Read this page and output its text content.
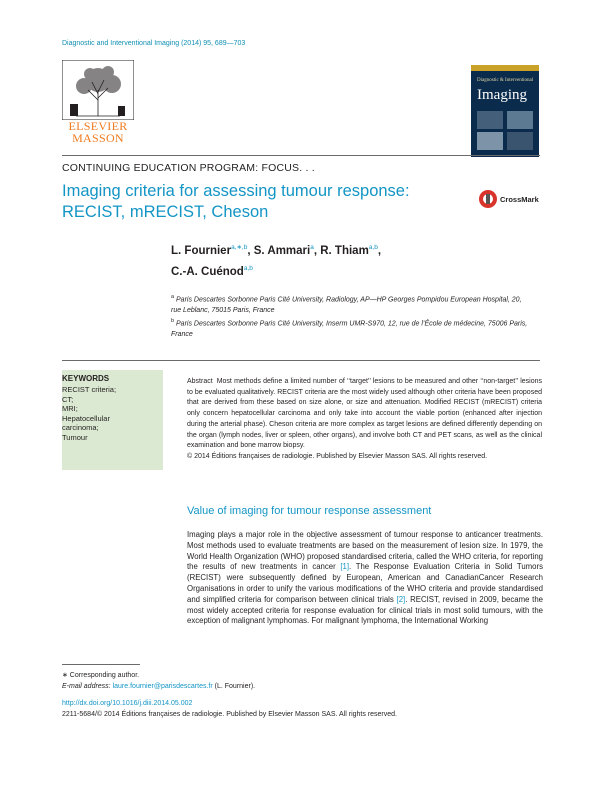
Diagnostic and Interventional Imaging (2014) 95, 689—703
ELSEVIER
MASSON
Diagnostic & Interventional
Imaging
CONTINUING EDUCATION PROGRAM: FOCUS. . .
Imaging criteria for assessing tumour response: RECIST, mRECIST, Cheson
CrossMark
L. Fournier$^{a,∗,b}$, S. Ammari$^a$, R. Thiam$^{a,b}$,
C.-A. Cuénod$^{a,b}$
$^a$ Paris Descartes Sorbonne Paris Cité University, Radiology, AP—HP Georges Pompidou European Hospital, 20, rue Leblanc, 75015 Paris, France
$^b$ Paris Descartes Sorbonne Paris Cité University, Inserm UMR-S970, 12, rue de l’École de médecine, 75006 Paris, France
KEYWORDS
RECIST criteria;
CT;
MRI;
Hepatocellular
carcinoma;
Tumour
Abstract Most methods define a limited number of ‘‘target’’ lesions to be measured and other ‘‘non-target’’ lesions to be evaluated qualitatively. RECIST criteria are the most widely used although other criteria have been proposed that are derived from these based on size alone, or size and attenuation. Modified RECIST (mRECIST) criteria only concern hepatocellular carcinoma and only take into account the viable portion (enhanced after injection during the arterial phase). Cheson criteria are more complex as target lesions are defined differently depending on the organ (lymph nodes, liver or spleen, other organs), and involve both CT and PET scans, as well as the clinical examination and bone marrow biopsy.
© 2014 Éditions françaises de radiologie. Published by Elsevier Masson SAS. All rights reserved.
Value of imaging for tumour response assessment
Imaging plays a major role in the objective assessment of tumour response to anticancer treatments. Most methods used to evaluate treatments are based on the measurement of lesion size. In 1979, the World Health Organization (WHO) proposed standardised criteria, called the WHO criteria, for reporting the results of new treatments in cancer [1]. The Response Evaluation Criteria in Solid Tumors (RECIST) were subsequently defined by European, American and CanadianCancer Research Organisations in order to unify the various modifications of the WHO criteria and provide standardised and simplified criteria for comparison between clinical trials [2]. RECIST, revised in 2009, became the most widely accepted criteria for response evaluation for clinical trials in most solid tumours, with the exception of malignant lymphomas. For malignant lymphoma, the International Working
∗ Corresponding author.
E-mail address: laure.fournier@parisdescartes.fr (L. Fournier).
http://dx.doi.org/10.1016/j.diii.2014.05.002
2211-5684/© 2014 Éditions françaises de radiologie. Published by Elsevier Masson SAS. All rights reserved.
